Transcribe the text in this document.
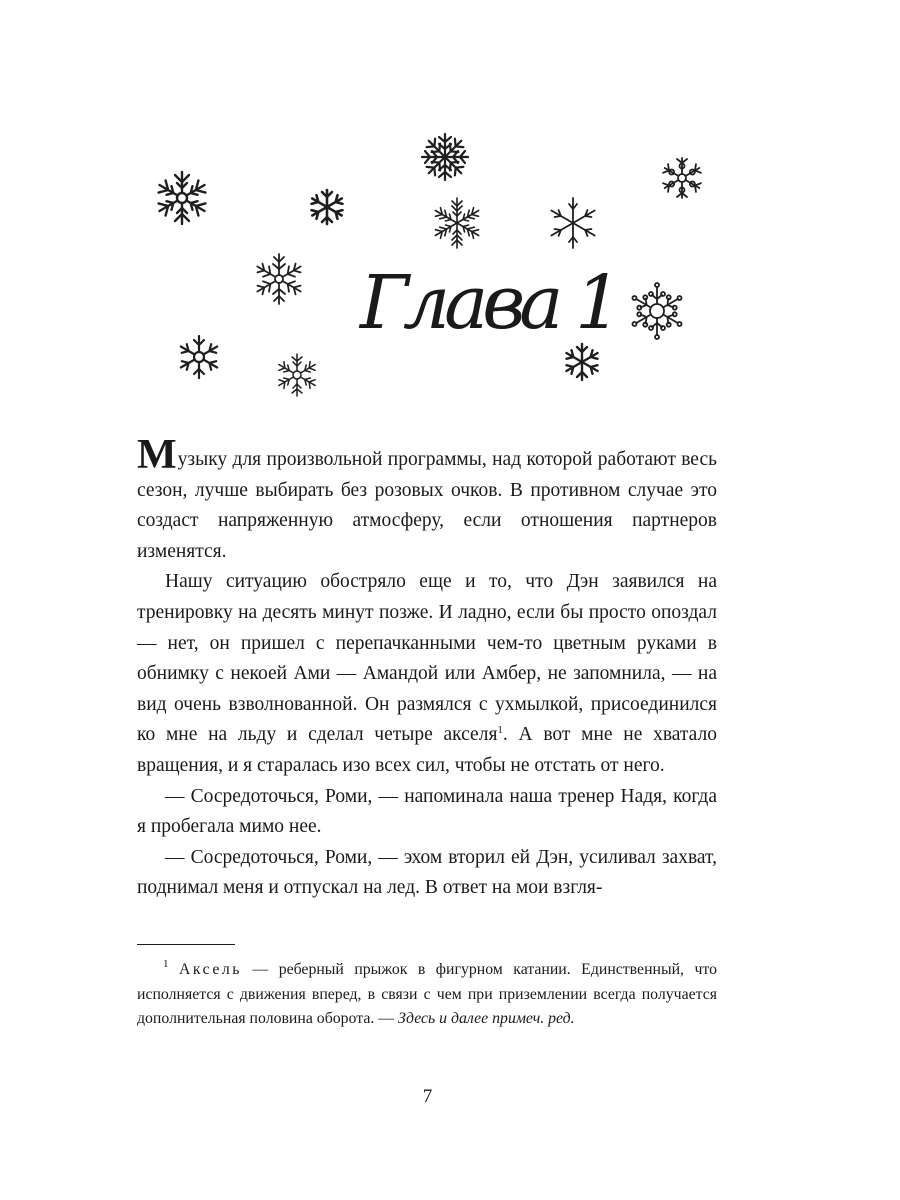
Глава 1

Музыку для произвольной программы, над которой работают весь сезон, лучше выбирать без розовых очков. В противном случае это создаст напряженную атмосферу, если отношения партнеров изменятся.

Нашу ситуацию обостряло еще и то, что Дэн заявился на тренировку на десять минут позже. И ладно, если бы просто опоздал — нет, он пришел с перепачканными чем-то цветным руками в обнимку с некоей Ами — Амандой или Амбер, не запомнила, — на вид очень взволнованной. Он размялся с ухмылкой, присоединился ко мне на льду и сделал четыре акселя$^1$. А вот мне не хватало вращения, и я старалась изо всех сил, чтобы не отстать от него.

— Сосредоточься, Роми, — напоминала наша тренер Надя, когда я пробегала мимо нее.

— Сосредоточься, Роми, — эхом вторил ей Дэн, усиливал захват, поднимал меня и отпускал на лед. В ответ на мои взгля-

$^1$ Аксель — реберный прыжок в фигурном катании. Единственный, что исполняется с движения вперед, в связи с чем при приземлении всегда получается дополнительная половина оборота. — Здесь и далее примеч. ред.

7
